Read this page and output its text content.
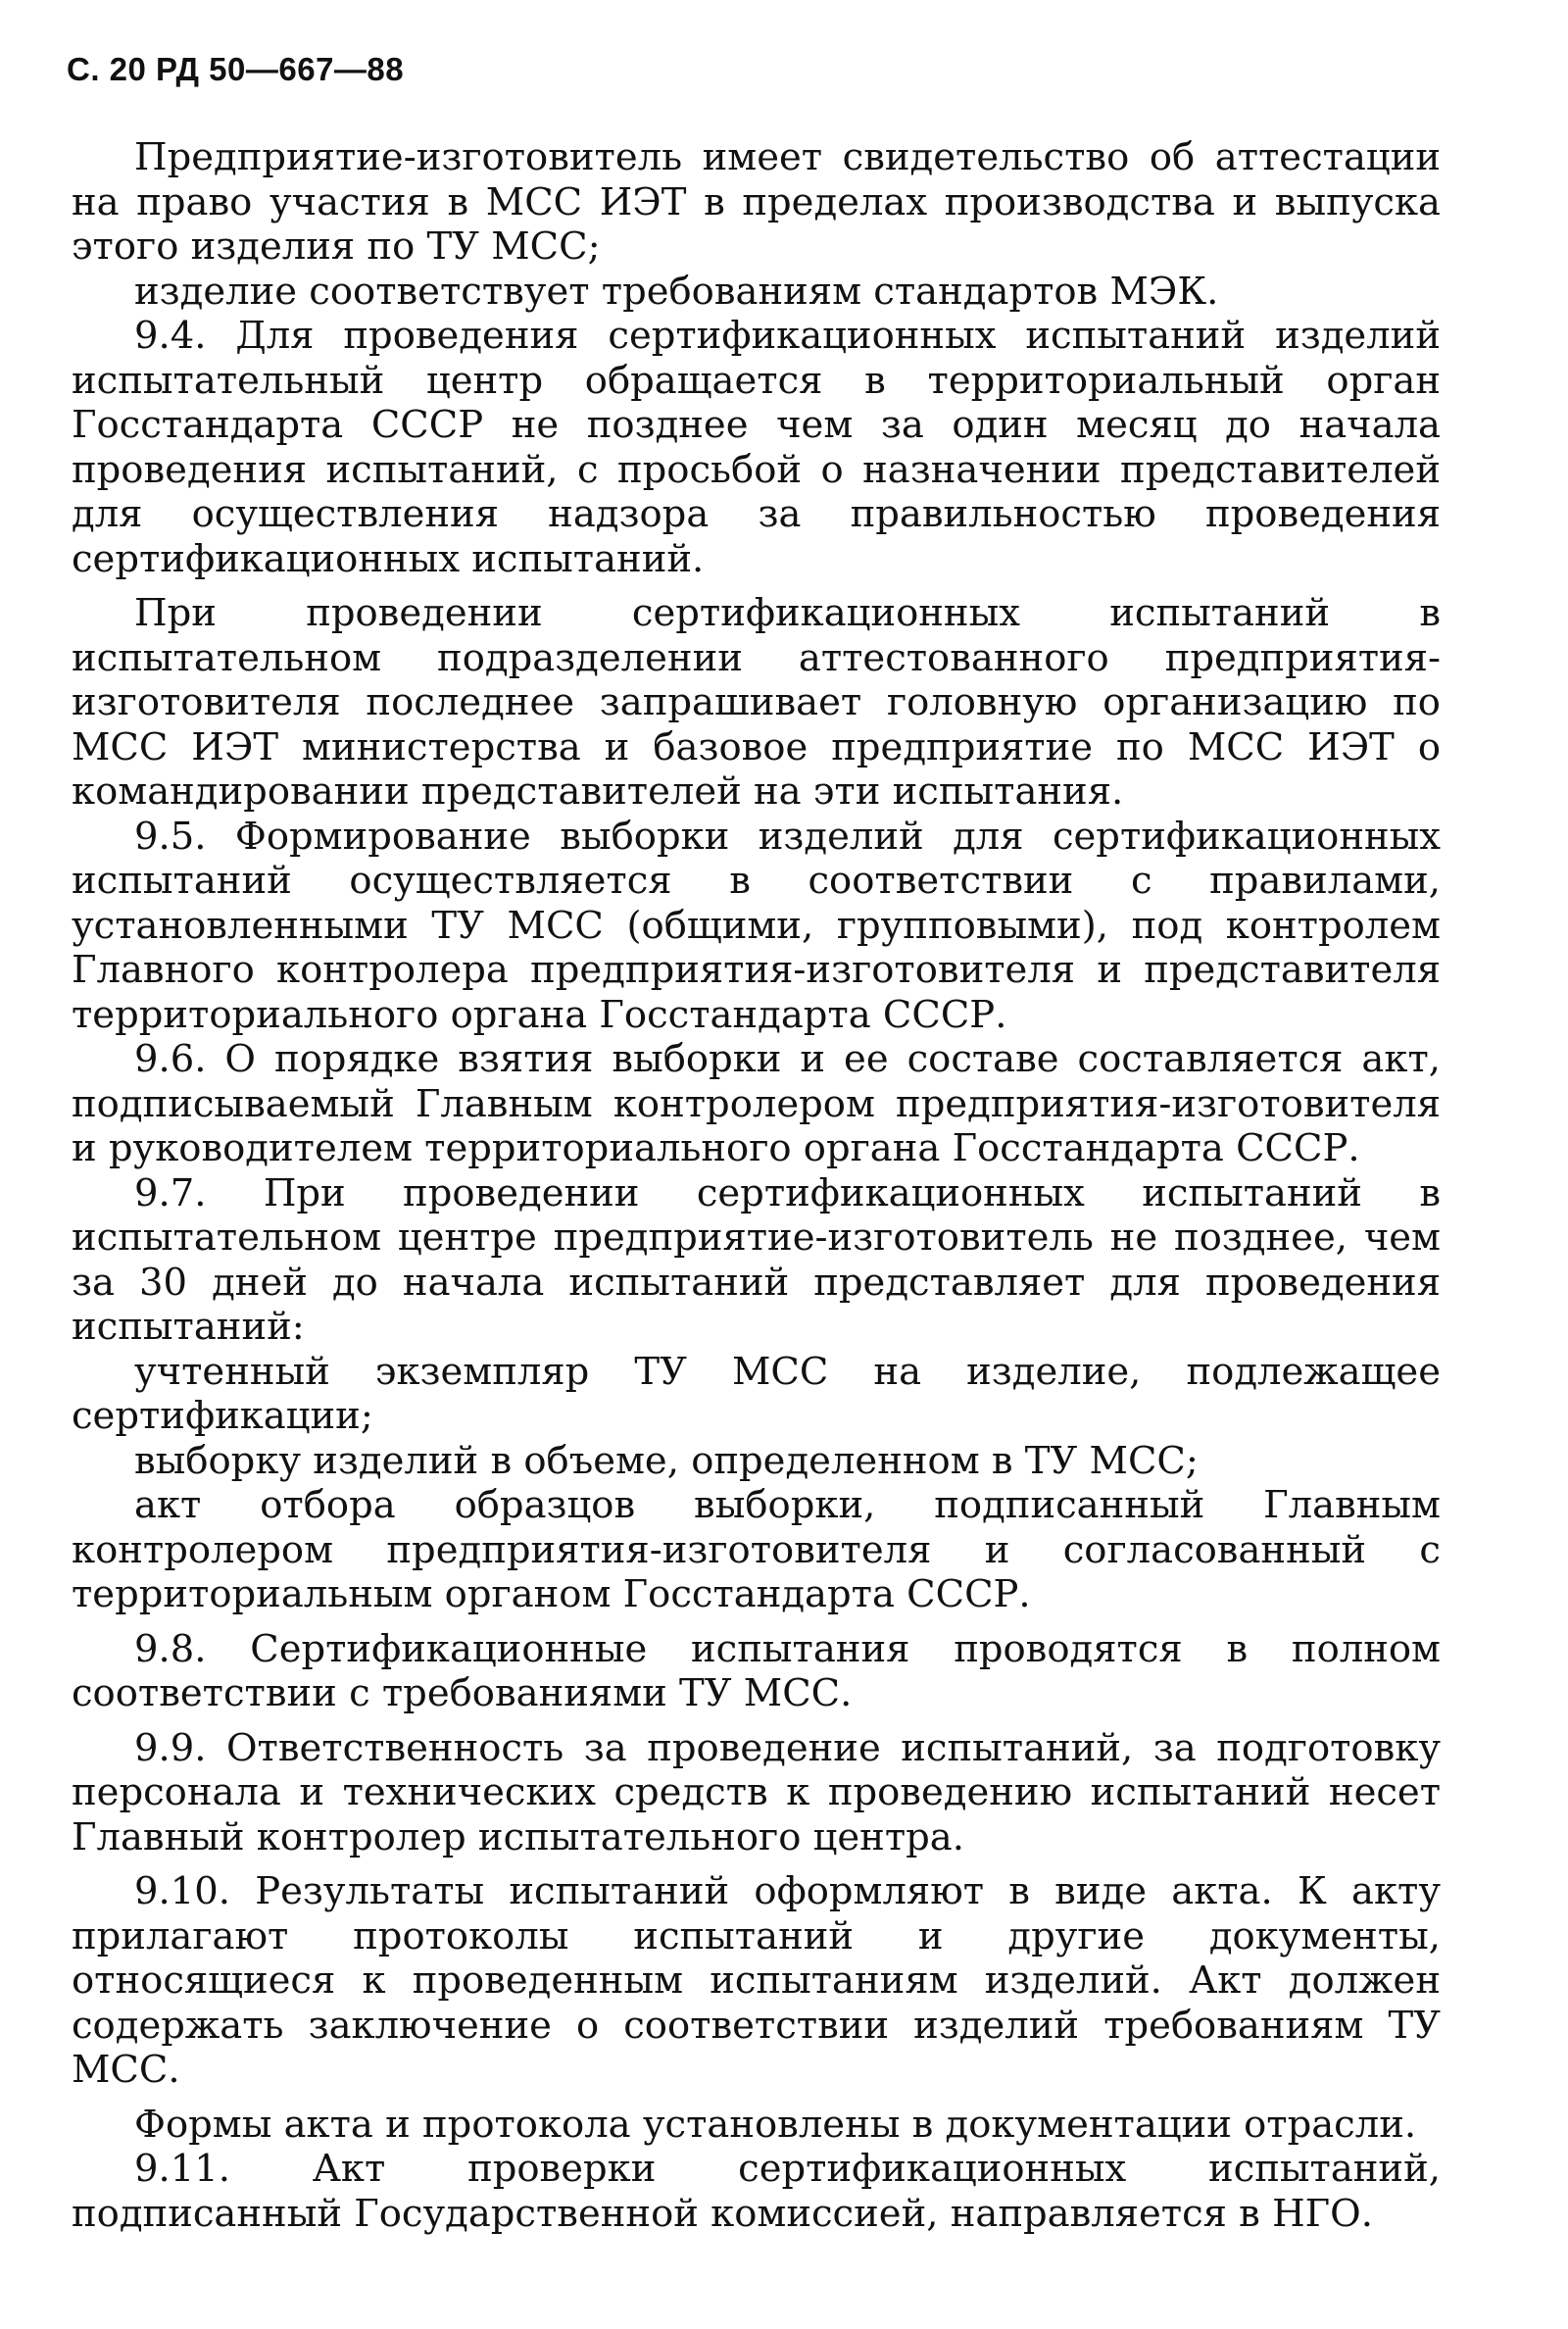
С. 20 РД 50—667—88

Предприятие-изготовитель имеет свидетельство об аттестации на право участия в МСС ИЭТ в пределах производства и выпуска этого изделия по ТУ МСС;

изделие соответствует требованиям стандартов МЭК.

9.4. Для проведения сертификационных испытаний изделий испытательный центр обращается в территориальный орган Госстандарта СССР не позднее чем за один месяц до начала проведения испытаний, с просьбой о назначении представителей для осуществления надзора за правильностью проведения сертификационных испытаний.

При проведении сертификационных испытаний в испытательном подразделении аттестованного предприятия-изготовителя последнее запрашивает головную организацию по МСС ИЭТ министерства и базовое предприятие по МСС ИЭТ о командировании представителей на эти испытания.

9.5. Формирование выборки изделий для сертификационных испытаний осуществляется в соответствии с правилами, установленными ТУ МСС (общими, групповыми), под контролем Главного контролера предприятия-изготовителя и представителя территориального органа Госстандарта СССР.

9.6. О порядке взятия выборки и ее составе составляется акт, подписываемый Главным контролером предприятия-изготовителя и руководителем территориального органа Госстандарта СССР.

9.7. При проведении сертификационных испытаний в испытательном центре предприятие-изготовитель не позднее, чем за 30 дней до начала испытаний представляет для проведения испытаний:

учтенный экземпляр ТУ МСС на изделие, подлежащее сертификации;

выборку изделий в объеме, определенном в ТУ МСС;

акт отбора образцов выборки, подписанный Главным контролером предприятия-изготовителя и согласованный с территориальным органом Госстандарта СССР.

9.8. Сертификационные испытания проводятся в полном соответствии с требованиями ТУ МСС.

9.9. Ответственность за проведение испытаний, за подготовку персонала и технических средств к проведению испытаний несет Главный контролер испытательного центра.

9.10. Результаты испытаний оформляют в виде акта. К акту прилагают протоколы испытаний и другие документы, относящиеся к проведенным испытаниям изделий. Акт должен содержать заключение о соответствии изделий требованиям ТУ МСС.

Формы акта и протокола установлены в документации отрасли.

9.11. Акт проверки сертификационных испытаний, подписанный Государственной комиссией, направляется в НГО.
